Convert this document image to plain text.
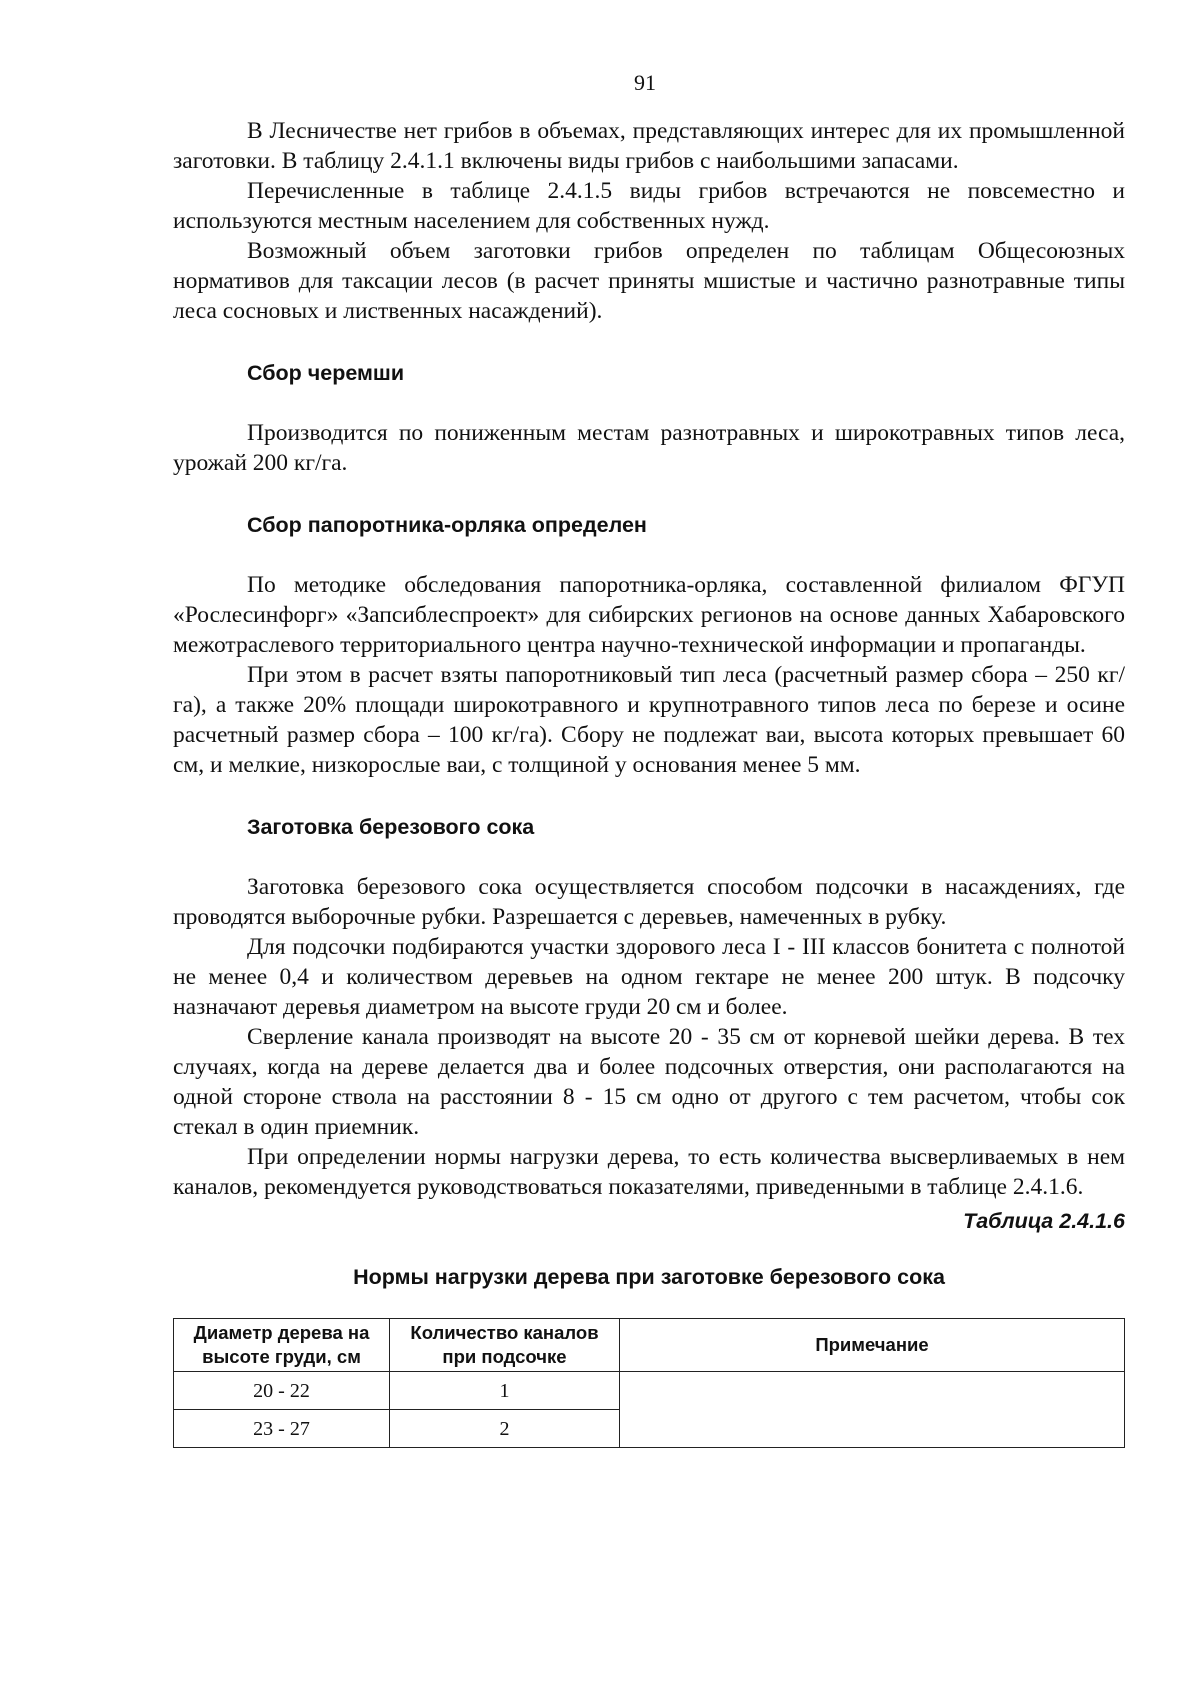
91

В Лесничестве нет грибов в объемах, представляющих интерес для их промышленной заготовки. В таблицу 2.4.1.1 включены виды грибов с наибольшими запасами.

Перечисленные в таблице 2.4.1.5 виды грибов встречаются не повсеместно и используются местным населением для собственных нужд.

Возможный объем заготовки грибов определен по таблицам Общесоюзных нормативов для таксации лесов (в расчет приняты мшистые и частично разнотравные типы леса сосновых и лиственных насаждений).

Сбор черемши

Производится по пониженным местам разнотравных и широкотравных типов леса, урожай 200 кг/га.

Сбор папоротника-орляка определен

По методике обследования папоротника-орляка, составленной филиалом ФГУП «Рослесинфорг» «Запсиблеспроект» для сибирских регионов на основе данных Хабаровского межотраслевого территориального центра научно-технической информации и пропаганды.

При этом в расчет взяты папоротниковый тип леса (расчетный размер сбора – 250 кг/га), а также 20% площади широкотравного и крупнотравного типов леса по березе и осине расчетный размер сбора – 100 кг/га). Сбору не подлежат ваи, высота которых превышает 60 см, и мелкие, низкорослые ваи, с толщиной у основания менее 5 мм.

Заготовка березового сока

Заготовка березового сока осуществляется способом подсочки в насаждениях, где проводятся выборочные рубки. Разрешается с деревьев, намеченных в рубку.

Для подсочки подбираются участки здорового леса I - III классов бонитета с полнотой не менее 0,4 и количеством деревьев на одном гектаре не менее 200 штук. В подсочку назначают деревья диаметром на высоте груди 20 см и более.

Сверление канала производят на высоте 20 - 35 см от корневой шейки дерева. В тех случаях, когда на дереве делается два и более подсочных отверстия, они располагаются на одной стороне ствола на расстоянии 8 - 15 см одно от другого с тем расчетом, чтобы сок стекал в один приемник.

При определении нормы нагрузки дерева, то есть количества высверливаемых в нем каналов, рекомендуется руководствоваться показателями, приведенными в таблице 2.4.1.6.

Таблица 2.4.1.6

Нормы нагрузки дерева при заготовке березового сока

Диаметр дерева на высоте груди, см	Количество каналов при подсочке	Примечание
20 - 22	1	
23 - 27	2	
